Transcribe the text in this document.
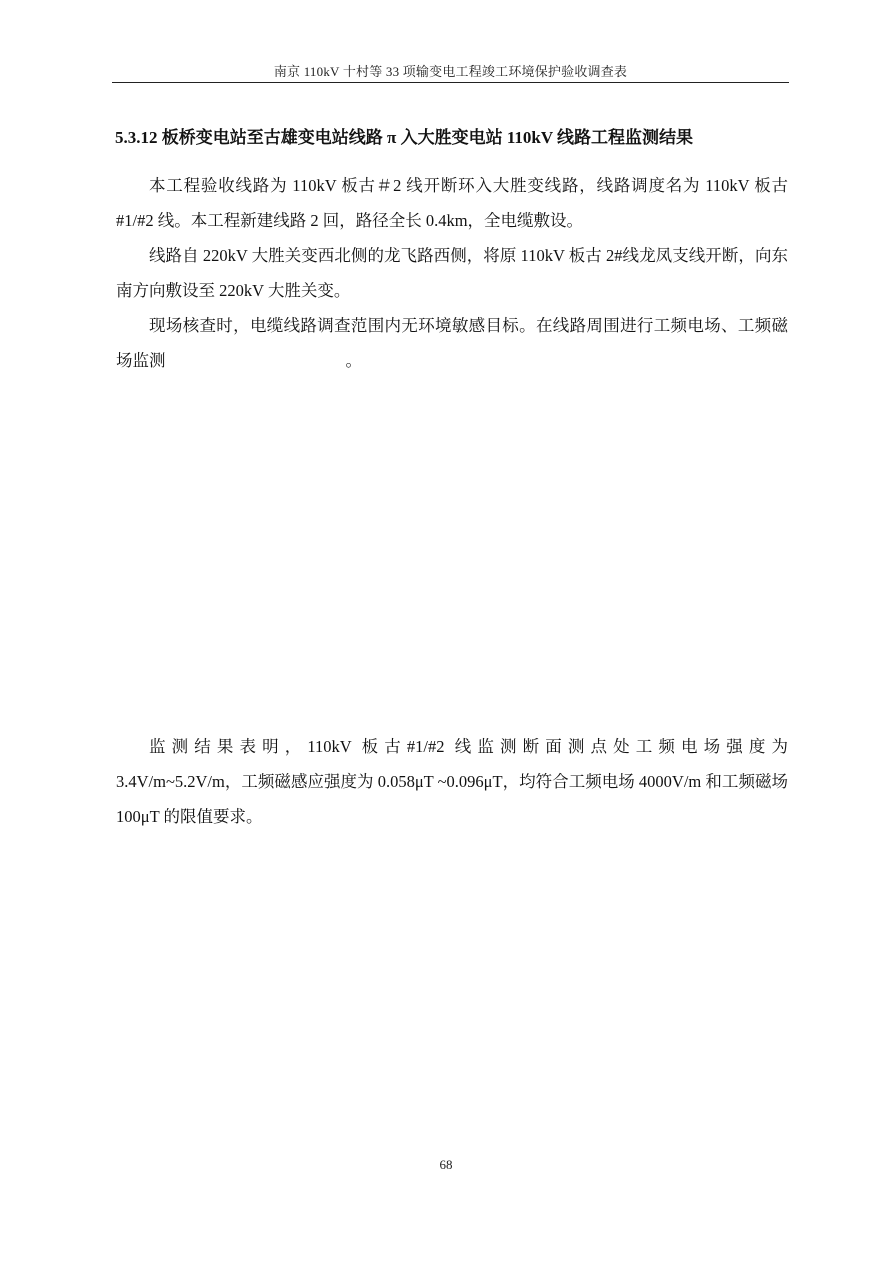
南京 110kV 十村等 33 项输变电工程竣工环境保护验收调查表
5.3.12 板桥变电站至古雄变电站线路 π 入大胜变电站 110kV 线路工程监测结果

本工程验收线路为 110kV 板古＃2 线开断环入大胜变线路，线路调度名为 110kV 板古#1/#2 线。本工程新建线路 2 回，路径全长 0.4km，全电缆敷设。

线路自 220kV 大胜关变西北侧的龙飞路西侧，将原 110kV 板古 2#线龙凤支线开断，向东南方向敷设至 220kV 大胜关变。

现场核查时，电缆线路调查范围内无环境敏感目标。在线路周围进行工频电场、工频磁场监测	。

监测结果表明，110kV 板古#1/#2 线监测断面测点处工频电场强度为
3.4V/m~5.2V/m，工频磁感应强度为 0.058μT ~0.096μT，均符合工频电场 4000V/m 和工频磁场 100μT 的限值要求。

68
